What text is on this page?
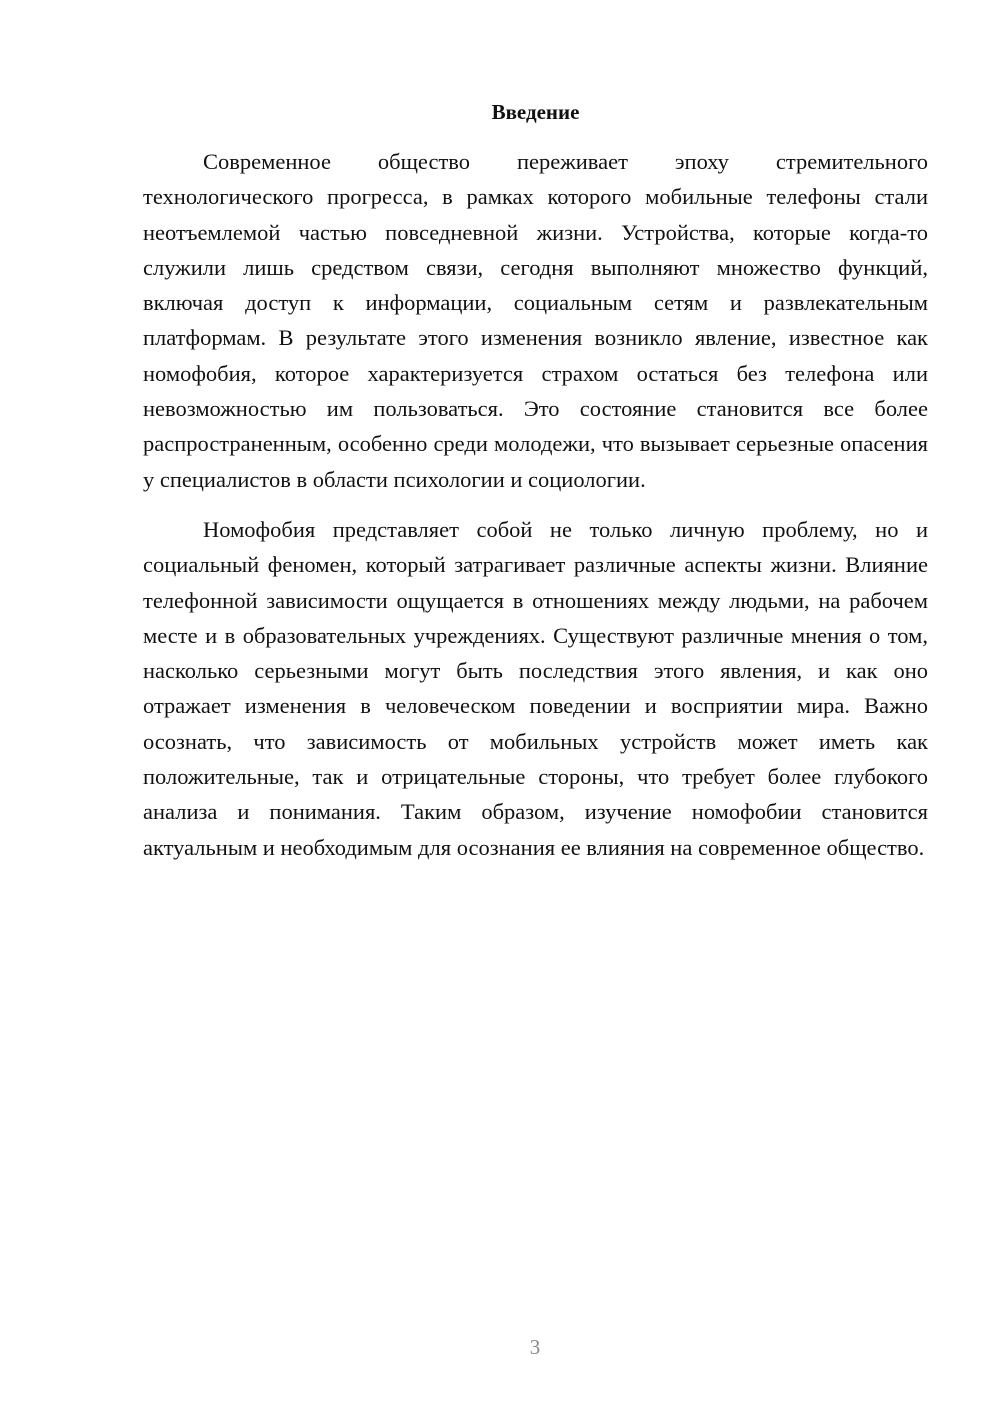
Введение

Современное общество переживает эпоху стремительного технологического прогресса, в рамках которого мобильные телефоны стали неотъемлемой частью повседневной жизни. Устройства, которые когда-то служили лишь средством связи, сегодня выполняют множество функций, включая доступ к информации, социальным сетям и развлекательным платформам. В результате этого изменения возникло явление, известное как номофобия, которое характеризуется страхом остаться без телефона или невозможностью им пользоваться. Это состояние становится все более распространенным, особенно среди молодежи, что вызывает серьезные опасения у специалистов в области психологии и социологии.

Номофобия представляет собой не только личную проблему, но и социальный феномен, который затрагивает различные аспекты жизни. Влияние телефонной зависимости ощущается в отношениях между людьми, на рабочем месте и в образовательных учреждениях. Существуют различные мнения о том, насколько серьезными могут быть последствия этого явления, и как оно отражает изменения в человеческом поведении и восприятии мира. Важно осознать, что зависимость от мобильных устройств может иметь как положительные, так и отрицательные стороны, что требует более глубокого анализа и понимания. Таким образом, изучение номофобии становится актуальным и необходимым для осознания ее влияния на современное общество.

3
